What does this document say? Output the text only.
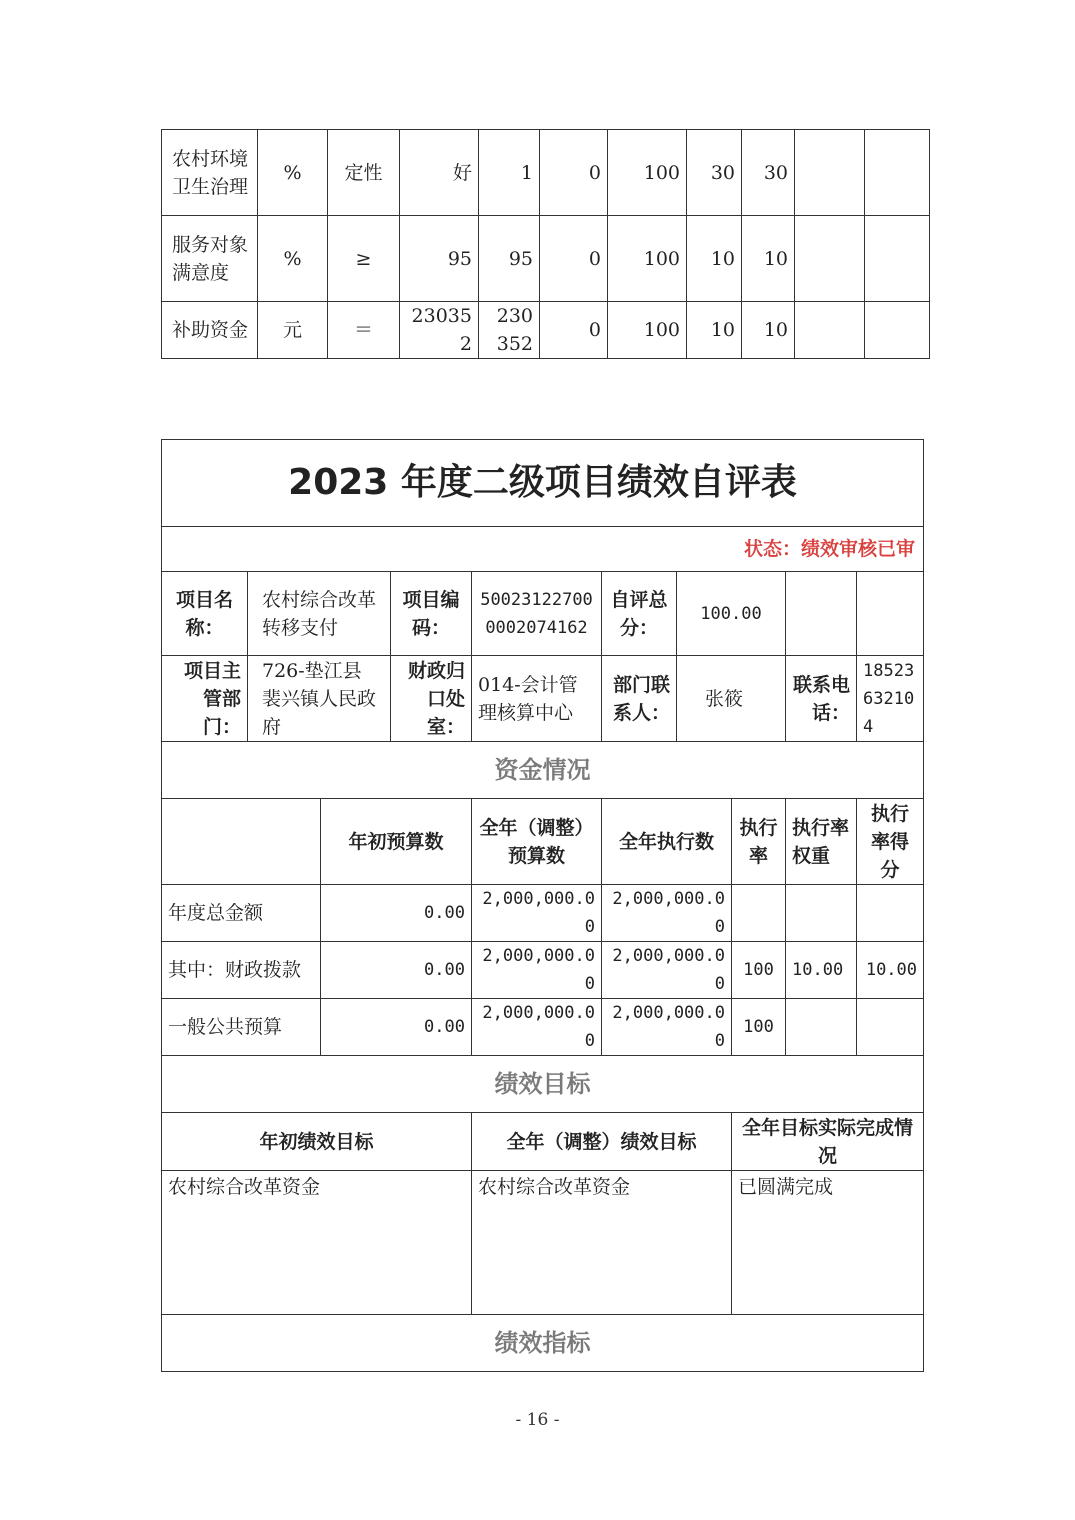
农村环境卫生治理	%	定性	好	1	0	100	30	30		
服务对象满意度	%	≥	95	95	0	100	10	10		
补助资金	元	＝	230352	230352	0	100	10	10		
2023 年度二级项目绩效自评表									
状态：绩效审核已审									
项目名称：	农村综合改革转移支付		项目编码：	500231227000002074162	自评总分：	100.00			
项目主管部门：	726-垫江县裴兴镇人民政府		财政归口处室：	014-会计管理核算中心	部门联系人：	张筱		联系电话：	18523632104
资金情况									
		年初预算数		全年（调整）预算数	全年执行数		执行率	执行率权重	执行率得分
年度总金额		0.00		2,000,000.00	2,000,000.00				
其中：财政拨款		0.00		2,000,000.00	2,000,000.00		100	10.00	10.00
一般公共预算		0.00		2,000,000.00	2,000,000.00		100		
绩效目标									
年初绩效目标				全年（调整）绩效目标			全年目标实际完成情况		
农村综合改革资金				农村综合改革资金			已圆满完成		
绩效指标									
- 16 -
